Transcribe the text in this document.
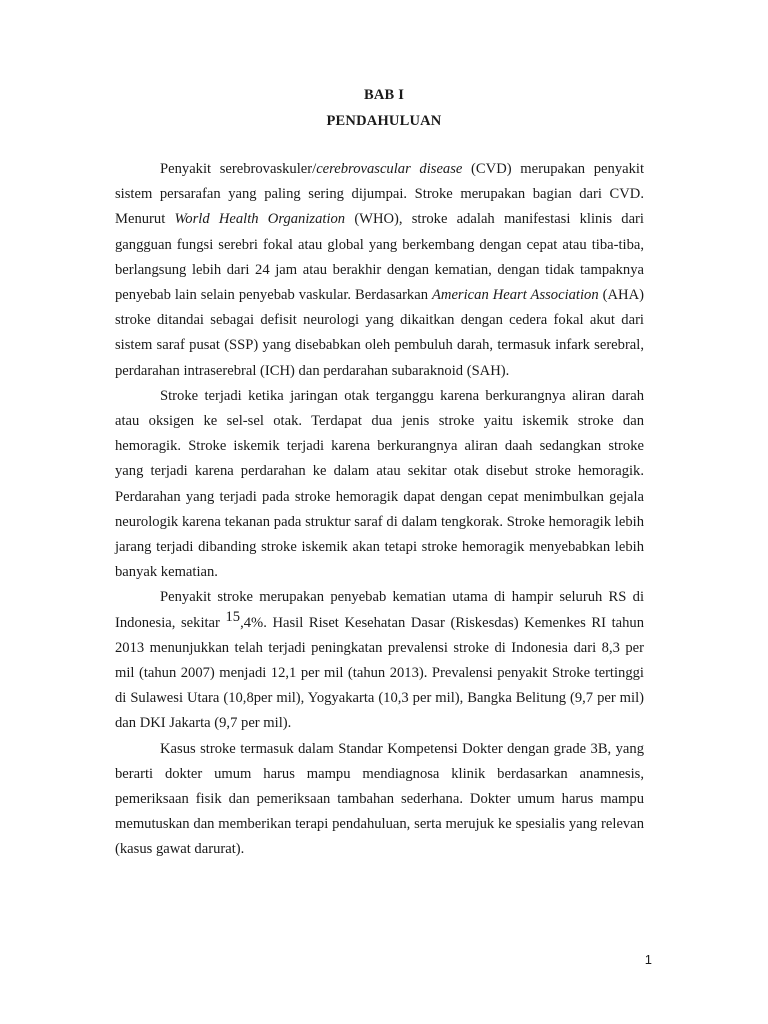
BAB I
PENDAHULUAN

Penyakit serebrovaskuler/cerebrovascular disease (CVD) merupakan penyakit sistem persarafan yang paling sering dijumpai. Stroke merupakan bagian dari CVD. Menurut World Health Organization (WHO), stroke adalah manifestasi klinis dari gangguan fungsi serebri fokal atau global yang berkembang dengan cepat atau tiba-tiba, berlangsung lebih dari 24 jam atau berakhir dengan kematian, dengan tidak tampaknya penyebab lain selain penyebab vaskular. Berdasarkan American Heart Association (AHA) stroke ditandai sebagai defisit neurologi yang dikaitkan dengan cedera fokal akut dari sistem saraf pusat (SSP) yang disebabkan oleh pembuluh darah, termasuk infark serebral, perdarahan intraserebral (ICH) dan perdarahan subaraknoid (SAH).

Stroke terjadi ketika jaringan otak terganggu karena berkurangnya aliran darah atau oksigen ke sel-sel otak. Terdapat dua jenis stroke yaitu iskemik stroke dan hemoragik. Stroke iskemik terjadi karena berkurangnya aliran daah sedangkan stroke yang terjadi karena perdarahan ke dalam atau sekitar otak disebut stroke hemoragik. Perdarahan yang terjadi pada stroke hemoragik dapat dengan cepat menimbulkan gejala neurologik karena tekanan pada struktur saraf di dalam tengkorak. Stroke hemoragik lebih jarang terjadi dibanding stroke iskemik akan tetapi stroke hemoragik menyebabkan lebih banyak kematian.

Penyakit stroke merupakan penyebab kematian utama di hampir seluruh RS di Indonesia, sekitar 15,4%. Hasil Riset Kesehatan Dasar (Riskesdas) Kemenkes RI tahun 2013 menunjukkan telah terjadi peningkatan prevalensi stroke di Indonesia dari 8,3 per mil (tahun 2007) menjadi 12,1 per mil (tahun 2013). Prevalensi penyakit Stroke tertinggi di Sulawesi Utara (10,8per mil), Yogyakarta (10,3 per mil), Bangka Belitung (9,7 per mil) dan DKI Jakarta (9,7 per mil).

Kasus stroke termasuk dalam Standar Kompetensi Dokter dengan grade 3B, yang berarti dokter umum harus mampu mendiagnosa klinik berdasarkan anamnesis, pemeriksaan fisik dan pemeriksaan tambahan sederhana. Dokter umum harus mampu memutuskan dan memberikan terapi pendahuluan, serta merujuk ke spesialis yang relevan (kasus gawat darurat).

1
